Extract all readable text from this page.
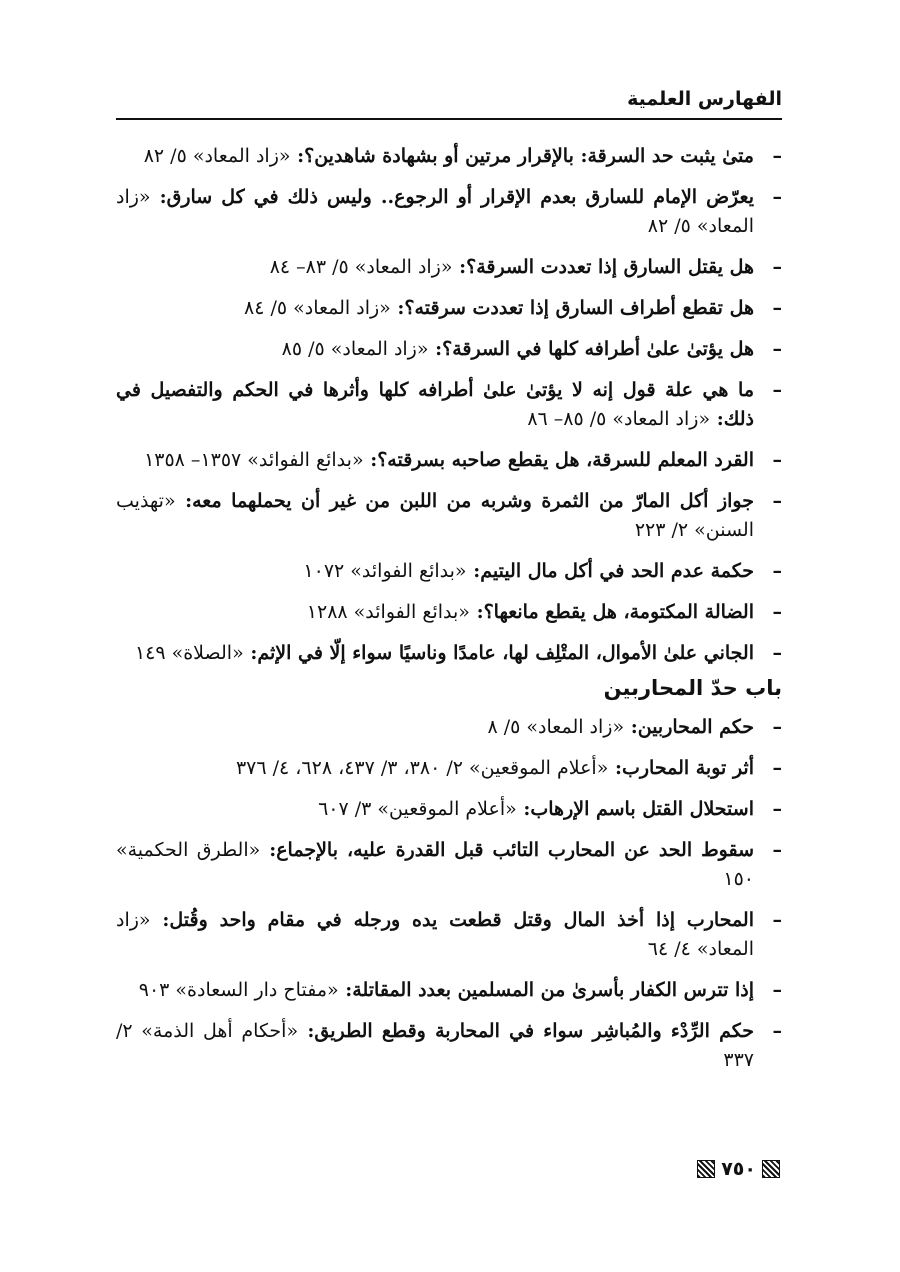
الفهارس العلمية
–
متىٰ يثبت حد السرقة: بالإقرار مرتين أو بشهادة شاهدين؟: «زاد المعاد» ٥/ ٨٢
–
يعرّض الإمام للسارق بعدم الإقرار أو الرجوع.. وليس ذلك في كل سارق: «زاد المعاد» ٥/ ٨٢
–
هل يقتل السارق إذا تعددت السرقة؟: «زاد المعاد» ٥/ ٨٣– ٨٤
–
هل تقطع أطراف السارق إذا تعددت سرقته؟: «زاد المعاد» ٥/ ٨٤
–
هل يؤتىٰ علىٰ أطرافه كلها في السرقة؟: «زاد المعاد» ٥/ ٨٥
–
ما هي علة قول إنه لا يؤتىٰ علىٰ أطرافه كلها وأثرها في الحكم والتفصيل في ذلك: «زاد المعاد» ٥/ ٨٥– ٨٦
–
القرد المعلم للسرقة، هل يقطع صاحبه بسرقته؟: «بدائع الفوائد» ١٣٥٧– ١٣٥٨
–
جواز أكل المارّ من الثمرة وشربه من اللبن من غير أن يحملهما معه: «تهذيب السنن» ٢/ ٢٢٣
–
حكمة عدم الحد في أكل مال اليتيم: «بدائع الفوائد» ١٠٧٢
–
الضالة المكتومة، هل يقطع مانعها؟: «بدائع الفوائد» ١٢٨٨
–
الجاني علىٰ الأموال، المتْلِف لها، عامدًا وناسيًا سواء إلّا في الإثم: «الصلاة» ١٤٩
باب حدّ المحاربين
–
حكم المحاربين: «زاد المعاد» ٥/ ٨
–
أثر توبة المحارب: «أعلام الموقعين» ٢/ ٣٨٠، ٣/ ٤٣٧، ٦٢٨، ٤/ ٣٧٦
–
استحلال القتل باسم الإرهاب: «أعلام الموقعين» ٣/ ٦٠٧
–
سقوط الحد عن المحارب التائب قبل القدرة عليه، بالإجماع: «الطرق الحكمية» ١٥٠
–
المحارب إذا أخذ المال وقتل قطعت يده ورجله في مقام واحد وقُتل: «زاد المعاد» ٤/ ٦٤
–
إذا تترس الكفار بأسرىٰ من المسلمين بعدد المقاتلة: «مفتاح دار السعادة» ٩٠٣
–
حكم الرِّدْء والمُباشِر سواء في المحاربة وقطع الطريق: «أحكام أهل الذمة» ٢/ ٣٣٧
٧٥٠
